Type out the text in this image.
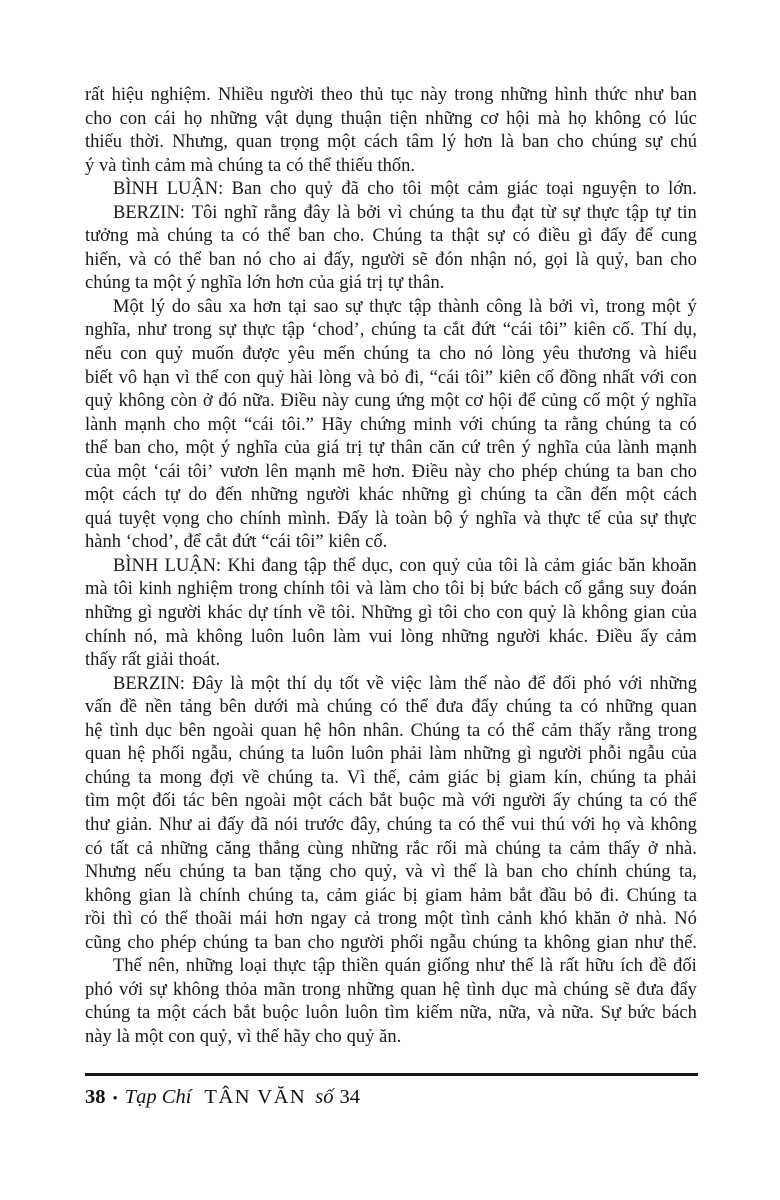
rất hiệu nghiệm. Nhiều người theo thủ tục này trong những hình thức như ban
cho con cái họ những vật dụng thuận tiện những cơ hội mà họ không có lúc
thiếu thời. Nhưng, quan trọng một cách tâm lý hơn là ban cho chúng sự chú
ý và tình cảm mà chúng ta có thể thiếu thốn.
BÌNH LUẬN: Ban cho quỷ đã cho tôi một cảm giác toại nguyện to lớn.
BERZIN: Tôi nghĩ rằng đây là bởi vì chúng ta thu đạt từ sự thực tập tự tin
tưởng mà chúng ta có thể ban cho. Chúng ta thật sự có điều gì đấy để cung
hiến, và có thể ban nó cho ai đấy, người sẽ đón nhận nó, gọi là quỷ, ban cho
chúng ta một ý nghĩa lớn hơn của giá trị tự thân.
Một lý do sâu xa hơn tại sao sự thực tập thành công là bởi vì, trong một ý
nghĩa, như trong sự thực tập ‘chod’, chúng ta cắt đứt “cái tôi” kiên cố. Thí dụ,
nếu con quỷ muốn được yêu mến chúng ta cho nó lòng yêu thương và hiểu
biết vô hạn vì thế con quỷ hài lòng và bỏ đi, “cái tôi” kiên cố đồng nhất với con
quỷ không còn ở đó nữa. Điều này cung ứng một cơ hội để củng cố một ý nghĩa
lành mạnh cho một “cái tôi.” Hãy chứng minh với chúng ta rằng chúng ta có
thể ban cho, một ý nghĩa của giá trị tự thân căn cứ trên ý nghĩa của lành mạnh
của một ‘cái tôi’ vươn lên mạnh mẽ hơn. Điều này cho phép chúng ta ban cho
một cách tự do đến những người khác những gì chúng ta cần đến một cách
quá tuyệt vọng cho chính mình. Đấy là toàn bộ ý nghĩa và thực tế của sự thực
hành ‘chod’, để cắt đứt “cái tôi” kiên cố.
BÌNH LUẬN: Khi đang tập thể dục, con quỷ của tôi là cảm giác băn khoăn
mà tôi kinh nghiệm trong chính tôi và làm cho tôi bị bức bách cố gắng suy đoán
những gì người khác dự tính về tôi. Những gì tôi cho con quỷ là không gian của
chính nó, mà không luôn luôn làm vui lòng những người khác. Điều ấy cảm
thấy rất giải thoát.
BERZIN: Đây là một thí dụ tốt về việc làm thế nào để đối phó với những
vấn đề nền tảng bên dưới mà chúng có thể đưa đẩy chúng ta có những quan
hệ tình dục bên ngoài quan hệ hôn nhân. Chúng ta có thể cảm thấy rằng trong
quan hệ phối ngẫu, chúng ta luôn luôn phải làm những gì người phỗi ngẫu của
chúng ta mong đợi về chúng ta. Vì thế, cảm giác bị giam kín, chúng ta phải
tìm một đối tác bên ngoài một cách bắt buộc mà với người ấy chúng ta có thể
thư giản. Như ai đấy đã nói trước đây, chúng ta có thể vui thú với họ và không
có tất cả những căng thẳng cùng những rắc rối mà chúng ta cảm thấy ở nhà.
Nhưng nếu chúng ta ban tặng cho quỷ, và vì thế là ban cho chính chúng ta,
không gian là chính chúng ta, cảm giác bị giam hảm bắt đầu bỏ đi. Chúng ta
rồi thì có thể thoãi mái hơn ngay cả trong một tình cảnh khó khăn ở nhà. Nó
cũng cho phép chúng ta ban cho người phối ngẫu chúng ta không gian như thế.
Thế nên, những loại thực tập thiền quán giống như thế là rất hữu ích đề đối
phó với sự không thỏa mãn trong những quan hệ tình dục mà chúng sẽ đưa đẩy
chúng ta một cách bắt buộc luôn luôn tìm kiếm nữa, nữa, và nữa. Sự bức bách
này là một con quỷ, vì thế hãy cho quỷ ăn.
38 • Tạp Chí TÂN VĂN số 34
